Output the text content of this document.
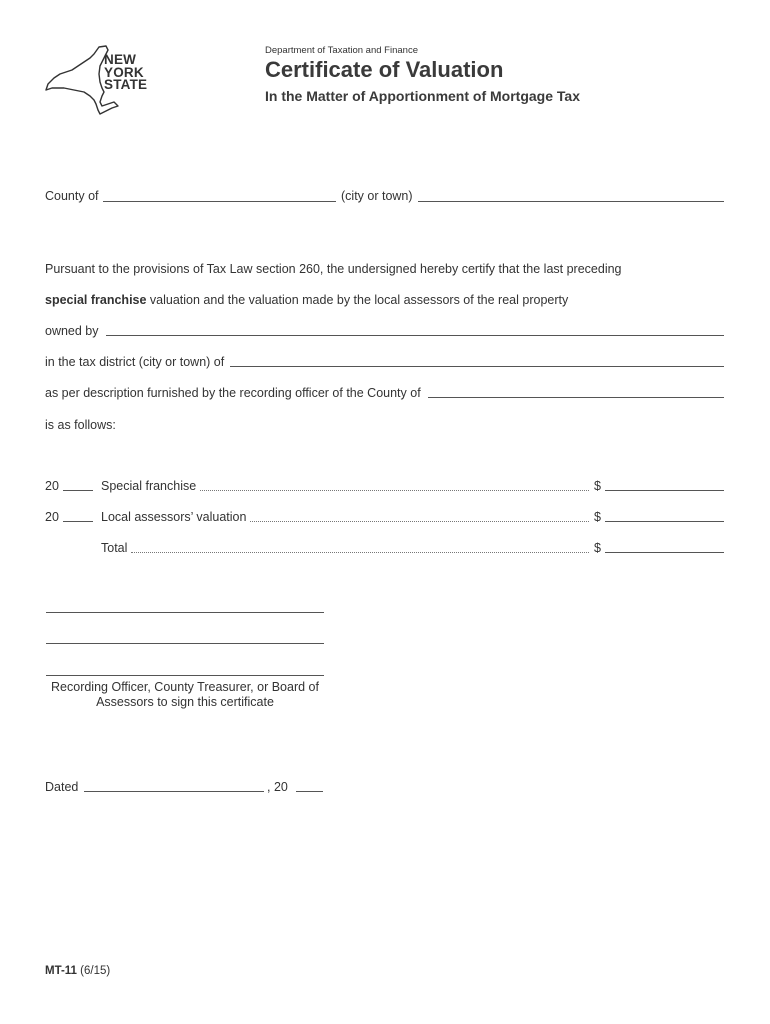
NEW
YORK
STATE
Department of Taxation and Finance
Certificate of Valuation
In the Matter of Apportionment of Mortgage Tax
County of	(city or town)
Pursuant to the provisions of Tax Law section 260, the undersigned hereby certify that the last preceding
special franchise valuation and the valuation made by the local assessors of the real property
owned by
in the tax district (city or town) of
as per description furnished by the recording officer of the County of
is as follows:
20	Special franchise	$
20	Local assessors’ valuation	$
Total	$
Recording Officer, County Treasurer, or Board of
Assessors to sign this certificate
Dated	, 20
MT-11 (6/15)
